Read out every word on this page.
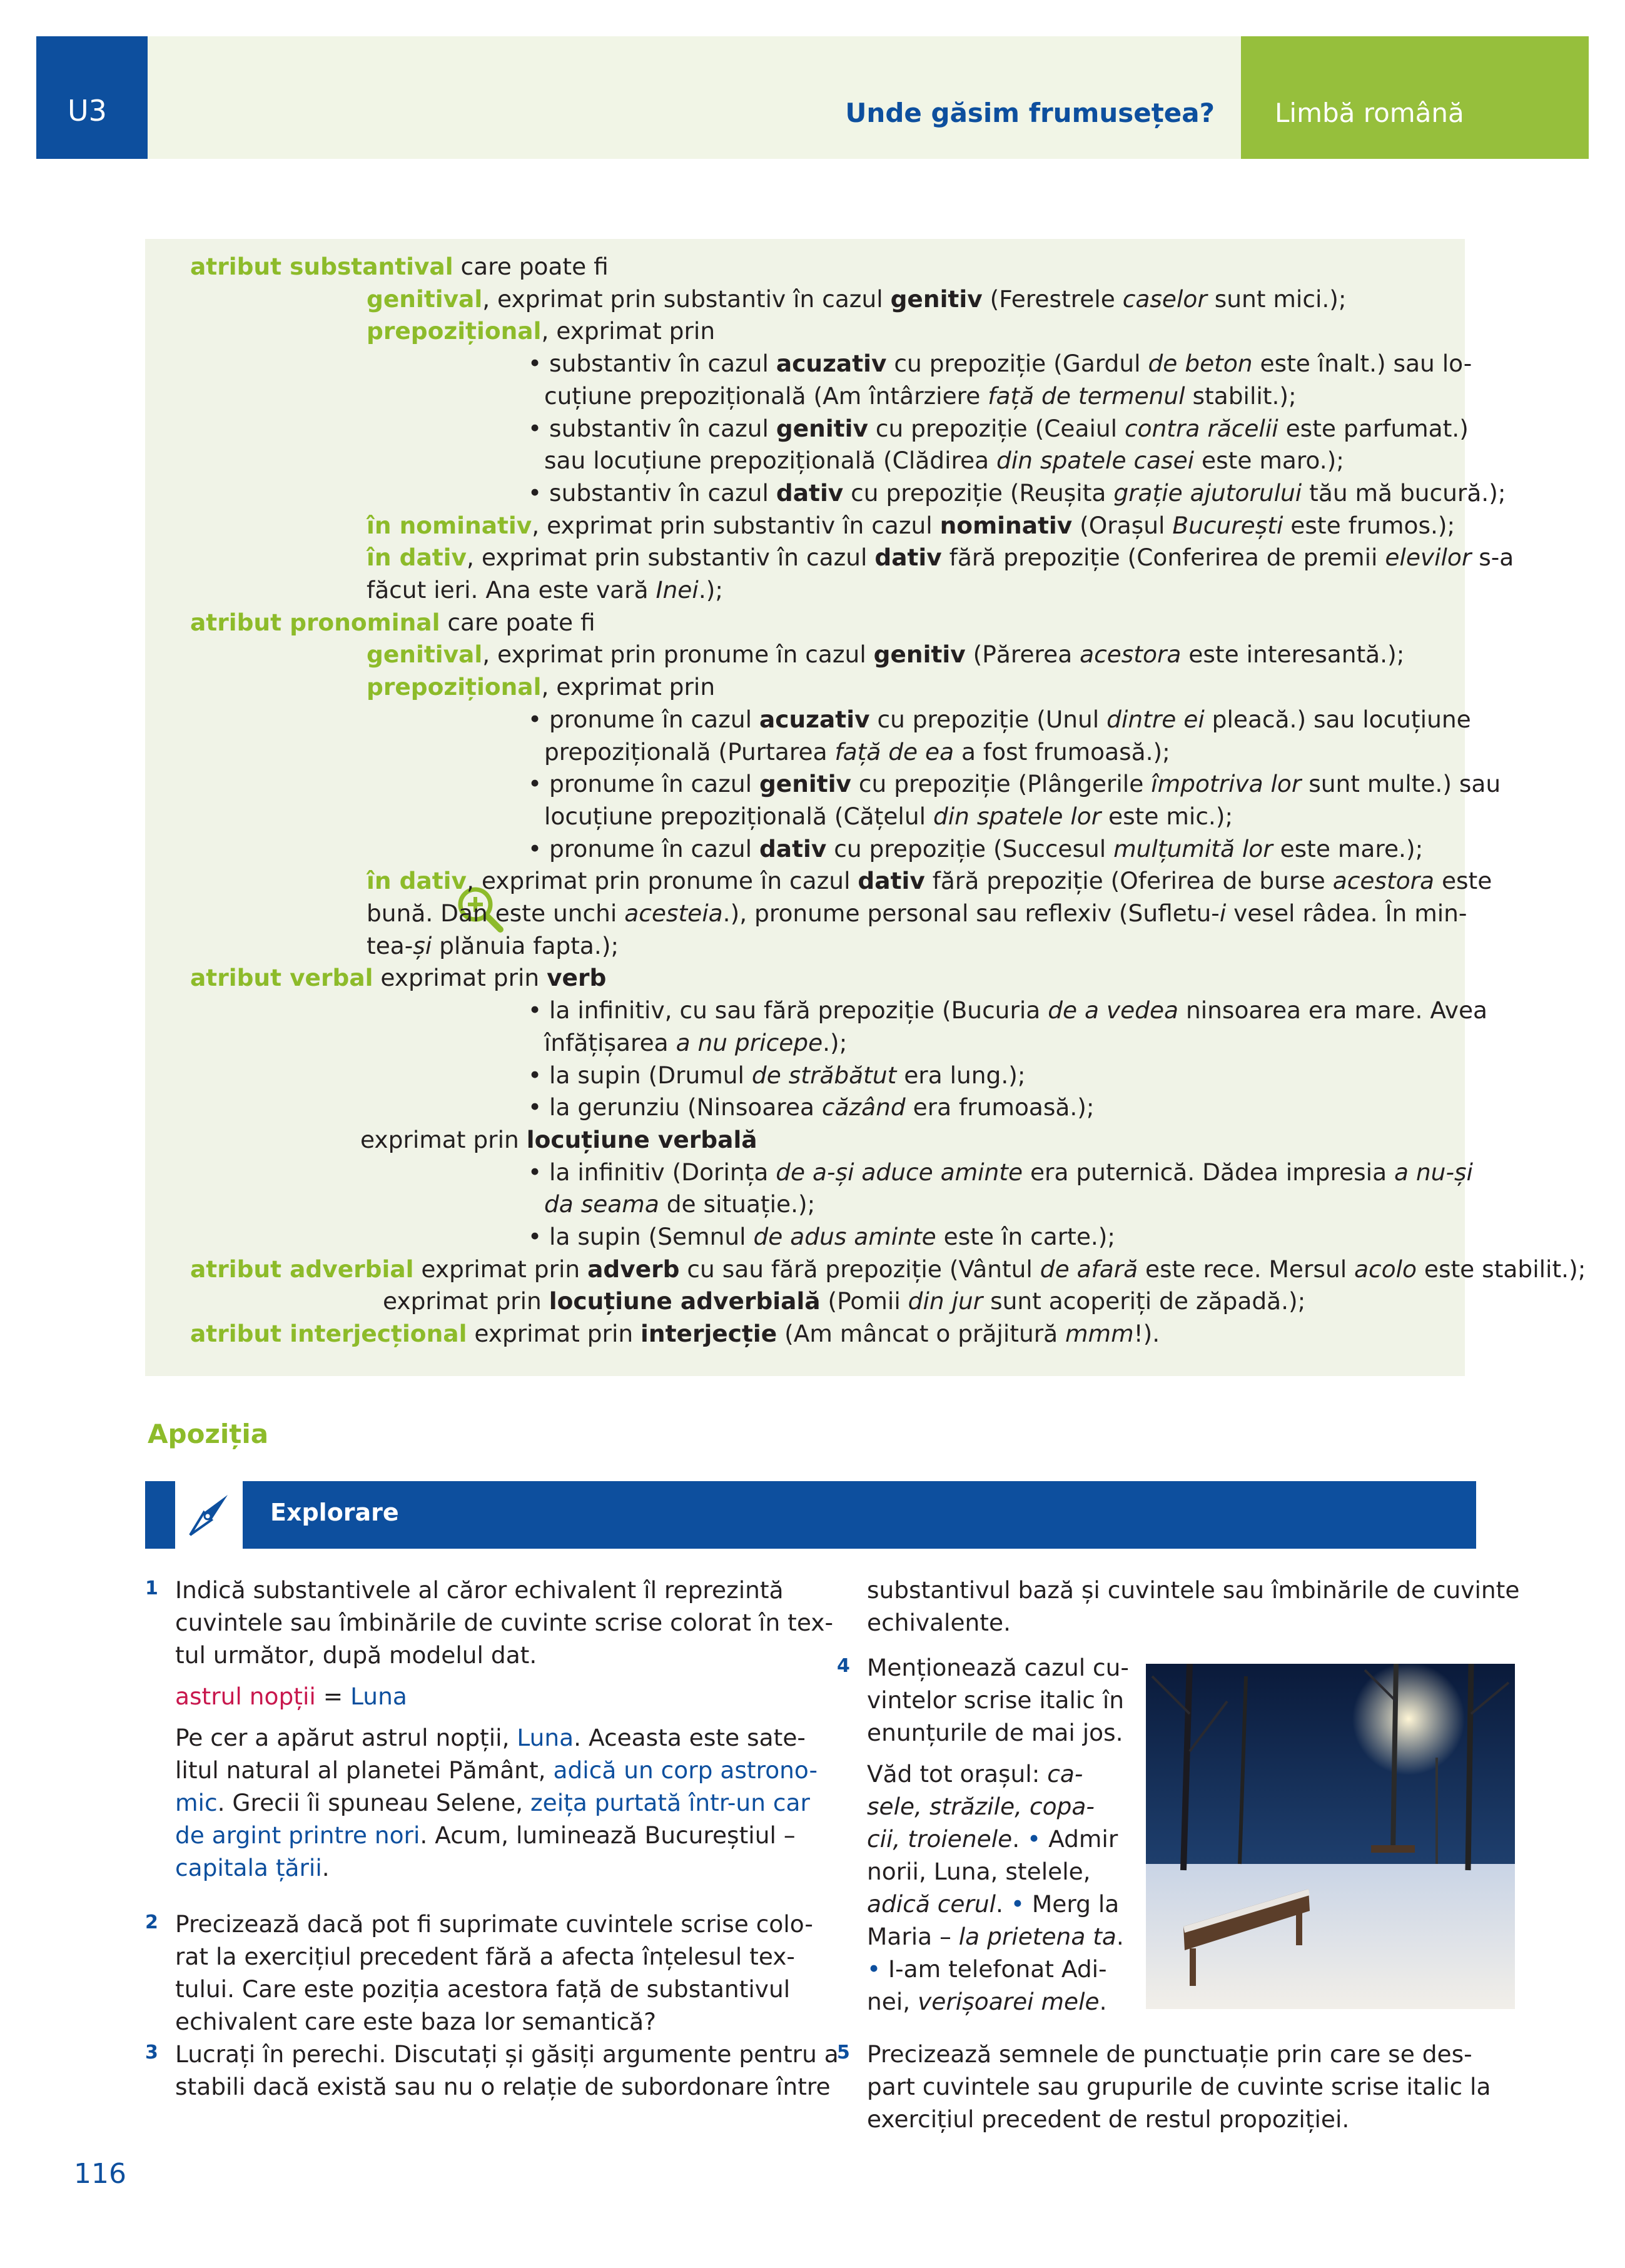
U3	Unde găsim frumusețea? Limbă română
atribut substantival care poate fi
genitival, exprimat prin substantiv în cazul genitiv (Ferestrele caselor sunt mici.);
prepozițional, exprimat prin
• substantiv în cazul acuzativ cu prepoziție (Gardul de beton este înalt.) sau lo-
cuțiune prepozițională (Am întârziere față de termenul stabilit.);
• substantiv în cazul genitiv cu prepoziție (Ceaiul contra răcelii este parfumat.)
sau locuțiune prepozițională (Clădirea din spatele casei este maro.);
• substantiv în cazul dativ cu prepoziție (Reușita grație ajutorului tău mă bucură.);
în nominativ, exprimat prin substantiv în cazul nominativ (Orașul București este frumos.);
în dativ, exprimat prin substantiv în cazul dativ fără prepoziție (Conferirea de premii elevilor s-a
făcut ieri. Ana este vară Inei.);
atribut pronominal care poate fi
genitival, exprimat prin pronume în cazul genitiv (Părerea acestora este interesantă.);
prepozițional, exprimat prin
• pronume în cazul acuzativ cu prepoziție (Unul dintre ei pleacă.) sau locuțiune
prepozițională (Purtarea față de ea a fost frumoasă.);
• pronume în cazul genitiv cu prepoziție (Plângerile împotriva lor sunt multe.) sau
locuțiune prepozițională (Cățelul din spatele lor este mic.);
• pronume în cazul dativ cu prepoziție (Succesul mulțumită lor este mare.);
în dativ, exprimat prin pronume în cazul dativ fără prepoziție (Oferirea de burse acestora este
bună. Dan este unchi acesteia.), pronume personal sau reflexiv (Sufletu-i vesel râdea. În min-
tea-și plănuia fapta.);
atribut verbal exprimat prin verb
• la infinitiv, cu sau fără prepoziție (Bucuria de a vedea ninsoarea era mare. Avea
înfățișarea a nu pricepe.);
• la supin (Drumul de străbătut era lung.);
• la gerunziu (Ninsoarea căzând era frumoasă.);
exprimat prin locuțiune verbală
• la infinitiv (Dorința de a-și aduce aminte era puternică. Dădea impresia a nu-și
da seama de situație.);
• la supin (Semnul de adus aminte este în carte.);
atribut adverbial exprimat prin adverb cu sau fără prepoziție (Vântul de afară este rece. Mersul acolo este stabilit.);
exprimat prin locuțiune adverbială (Pomii din jur sunt acoperiți de zăpadă.);
atribut interjecțional exprimat prin interjecție (Am mâncat o prăjitură mmm!).
Apoziția
Explorare
1
2
3
4
5
116
Indică substantivele al căror echivalent îl reprezintă
cuvintele sau îmbinările de cuvinte scrise colorat în tex-
tul următor, după modelul dat.
astrul nopții = Luna
Pe cer a apărut astrul nopții, Luna. Aceasta este sate-
litul natural al planetei Pământ, adică un corp astrono-
mic. Grecii îi spuneau Selene, zeița purtată într-un car
de argint printre nori. Acum, luminează Bucureștiul –
capitala țării.
Precizează dacă pot fi suprimate cuvintele scrise colo-
rat la exercițiul precedent fără a afecta înțelesul tex-
tului. Care este poziția acestora față de substantivul
echivalent care este baza lor semantică?
Lucrați în perechi. Discutați și găsiți argumente pentru a
stabili dacă există sau nu o relație de subordonare între
substantivul bază și cuvintele sau îmbinările de cuvinte
echivalente.
Menționează cazul cu-
vintelor scrise italic în
enunțurile de mai jos.
Văd tot orașul: ca-
sele, străzile, copa-
cii, troienele. • Admir
norii, Luna, stelele,
adică cerul. • Merg la
Maria – la prietena ta.
• I-am telefonat Adi-
nei, verișoarei mele.
Precizează semnele de punctuație prin care se des-
part cuvintele sau grupurile de cuvinte scrise italic la
exercițiul precedent de restul propoziției.
